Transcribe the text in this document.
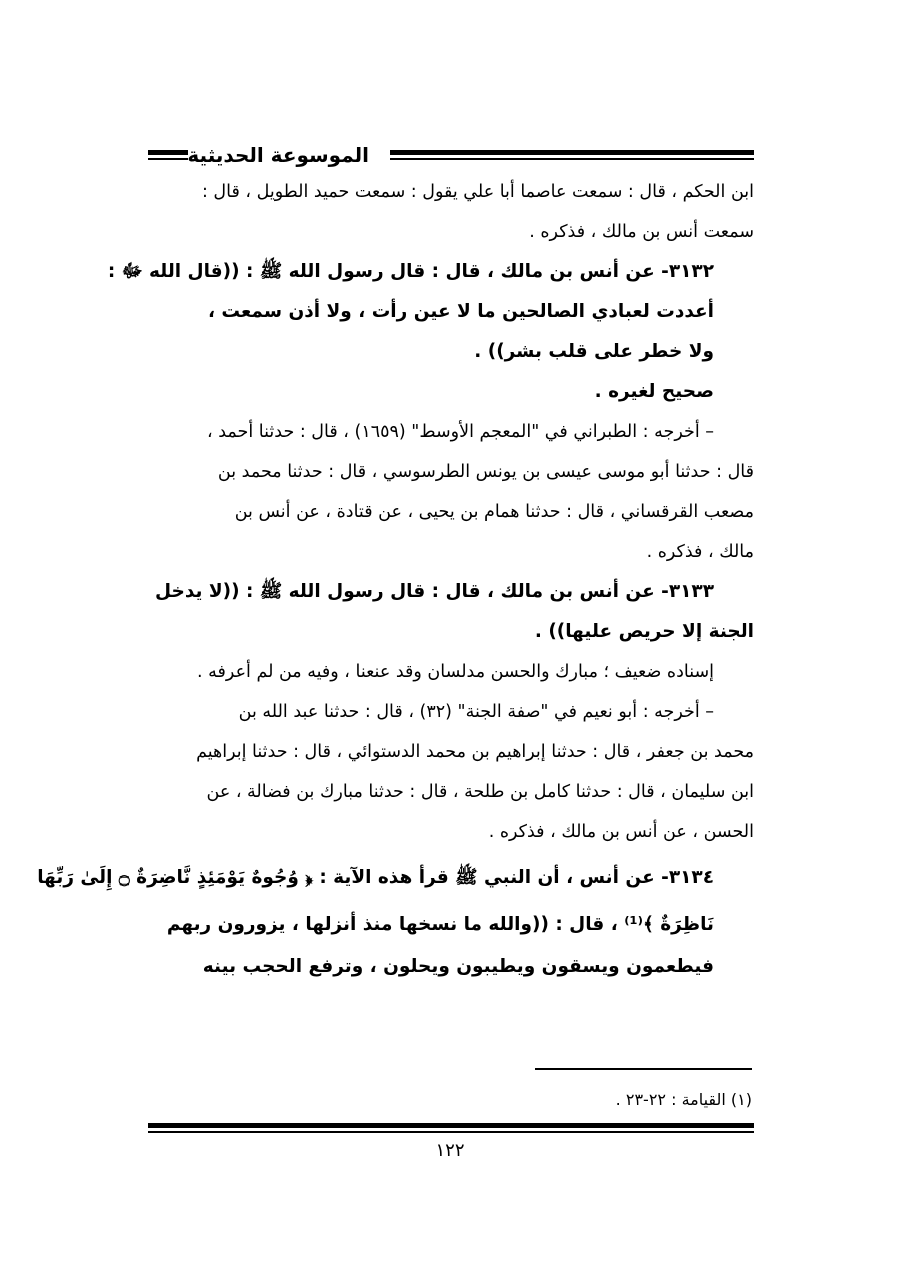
الموسوعة الحديثية
ابن الحكم ، قال : سمعت عاصما أبا علي يقول : سمعت حميد الطويل ، قال :
سمعت أنس بن مالك ، فذكره .
٣١٣٢- عن أنس بن مالك ، قال : قال رسول الله ﷺ : ((قال الله ﷻ :
أعددت لعبادي الصالحين ما لا عين رأت ، ولا أذن سمعت ،
ولا خطر على قلب بشر)) .
صحيح لغيره .
– أخرجه : الطبراني في "المعجم الأوسط" (١٦٥٩) ، قال : حدثنا أحمد ،
قال : حدثنا أبو موسى عيسى بن يونس الطرسوسي ، قال : حدثنا محمد بن
مصعب القرقساني ، قال : حدثنا همام بن يحيى ، عن قتادة ، عن أنس بن
مالك ، فذكره .
٣١٣٣- عن أنس بن مالك ، قال : قال رسول الله ﷺ : ((لا يدخل
الجنة إلا حريص عليها)) .
إسناده ضعيف ؛ مبارك والحسن مدلسان وقد عنعنا ، وفيه من لم أعرفه .
– أخرجه : أبو نعيم في "صفة الجنة" (٣٢) ، قال : حدثنا عبد الله بن
محمد بن جعفر ، قال : حدثنا إبراهيم بن محمد الدستوائي ، قال : حدثنا إبراهيم
ابن سليمان ، قال : حدثنا كامل بن طلحة ، قال : حدثنا مبارك بن فضالة ، عن
الحسن ، عن أنس بن مالك ، فذكره .
٣١٣٤- عن أنس ، أن النبي ﷺ قرأ هذه الآية : ﴿ وُجُوهٌ يَوْمَئِذٍ نَّاضِرَةٌ ۝ إِلَىٰ رَبِّهَا
نَاظِرَةٌ ﴾⁽¹⁾ ، قال : ((والله ما نسخها منذ أنزلها ، يزورون ربهم
فيطعمون ويسقون ويطيبون ويحلون ، وترفع الحجب بينه
(١) القيامة : ٢٢-٢٣ .
١٢٢
